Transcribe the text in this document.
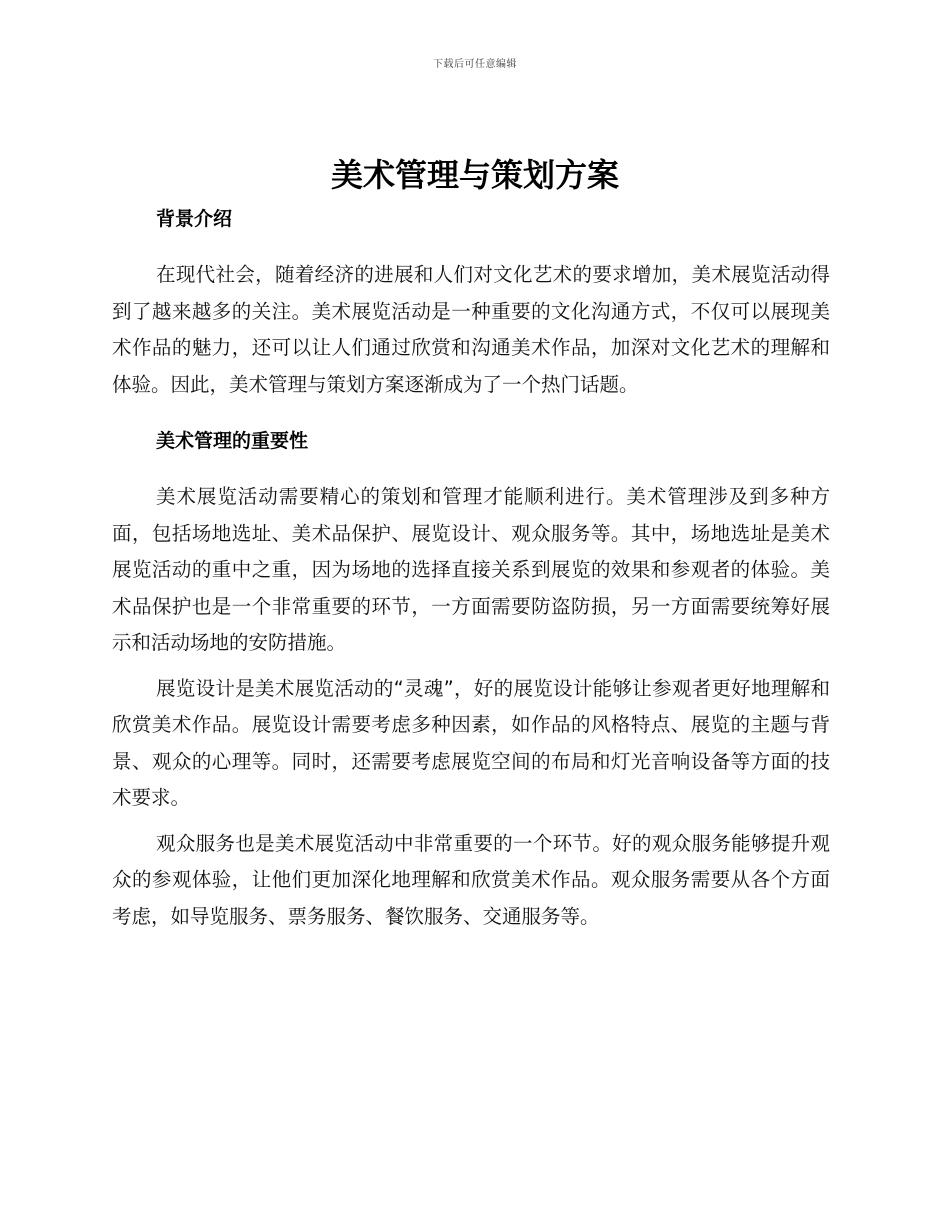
下载后可任意编辑
美术管理与策划方案
背景介绍

在现代社会，随着经济的进展和人们对文化艺术的要求增加，美术展览活动得到了越来越多的关注。美术展览活动是一种重要的文化沟通方式，不仅可以展现美术作品的魅力，还可以让人们通过欣赏和沟通美术作品，加深对文化艺术的理解和体验。因此，美术管理与策划方案逐渐成为了一个热门话题。

美术管理的重要性

美术展览活动需要精心的策划和管理才能顺利进行。美术管理涉及到多种方面，包括场地选址、美术品保护、展览设计、观众服务等。其中，场地选址是美术展览活动的重中之重，因为场地的选择直接关系到展览的效果和参观者的体验。美术品保护也是一个非常重要的环节，一方面需要防盗防损，另一方面需要统筹好展示和活动场地的安防措施。

展览设计是美术展览活动的“灵魂”，好的展览设计能够让参观者更好地理解和欣赏美术作品。展览设计需要考虑多种因素，如作品的风格特点、展览的主题与背景、观众的心理等。同时，还需要考虑展览空间的布局和灯光音响设备等方面的技术要求。

观众服务也是美术展览活动中非常重要的一个环节。好的观众服务能够提升观众的参观体验，让他们更加深化地理解和欣赏美术作品。观众服务需要从各个方面考虑，如导览服务、票务服务、餐饮服务、交通服务等。
